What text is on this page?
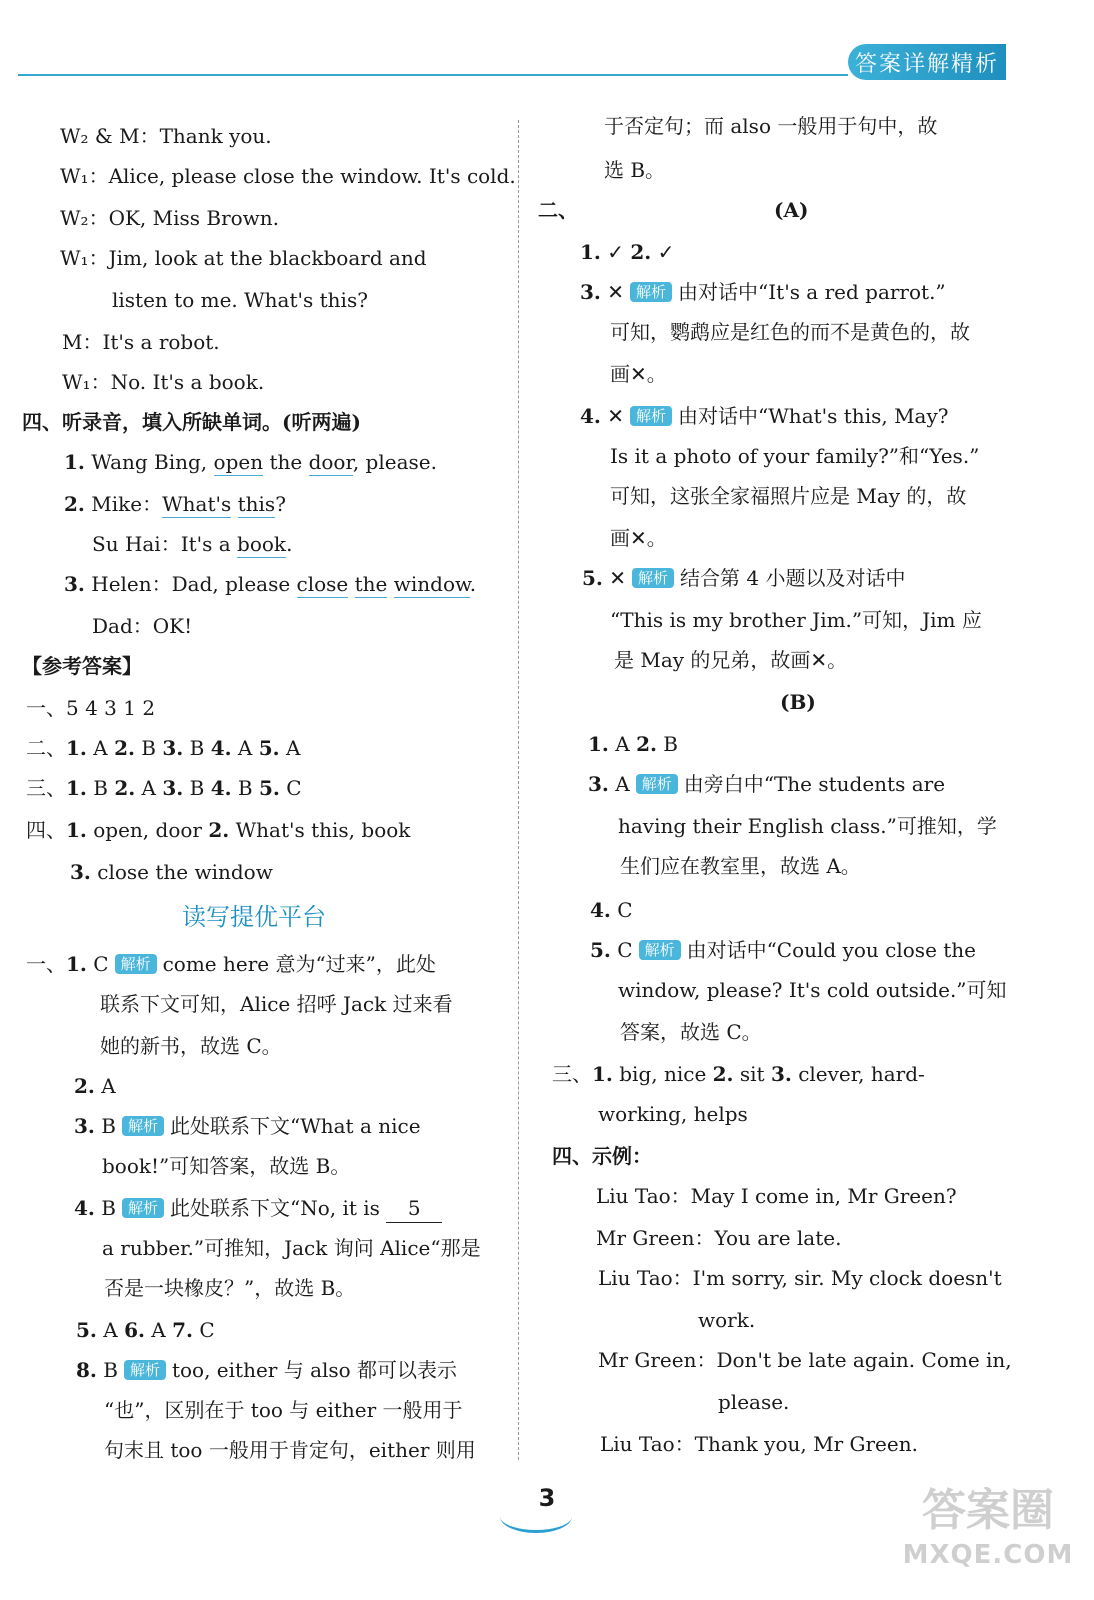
答案详解精析
W₂ & M：Thank you.
W₁：Alice, please close the window. It's cold.
W₂：OK, Miss Brown.
W₁：Jim, look at the blackboard and
listen to me. What's this?
M：It's a robot.
W₁：No. It's a book.
四、听录音，填入所缺单词。(听两遍)
1. Wang Bing, open the door, please.
2. Mike：What's this?
Su Hai：It's a book.
3. Helen：Dad, please close the window.
Dad：OK!
【参考答案】
一、5 4 3 1 2
二、1. A 2. B 3. B 4. A 5. A
三、1. B 2. A 3. B 4. B 5. C
四、1. open, door 2. What's this, book
3. close the window
读写提优平台
一、1. C 解析 come here 意为“过来”，此处
联系下文可知，Alice 招呼 Jack 过来看
她的新书，故选 C。
2. A
3. B 解析 此处联系下文“What a nice
book!”可知答案，故选 B。
4. B 解析 此处联系下文“No, it is 5
a rubber.”可推知，Jack 询问 Alice“那是
否是一块橡皮？”，故选 B。
5. A 6. A 7. C
8. B 解析 too, either 与 also 都可以表示
“也”，区别在于 too 与 either 一般用于
句末且 too 一般用于肯定句，either 则用
于否定句；而 also 一般用于句中，故
选 B。
二、	(A)
1. ✓ 2. ✓
3. ✕ 解析 由对话中“It's a red parrot.”
可知，鹦鹉应是红色的而不是黄色的，故
画✕。
4. ✕ 解析 由对话中“What's this, May?
Is it a photo of your family?”和“Yes.”
可知，这张全家福照片应是 May 的，故
画✕。
5. ✕ 解析 结合第 4 小题以及对话中
“This is my brother Jim.”可知，Jim 应
是 May 的兄弟，故画✕。
(B)
1. A 2. B
3. A 解析 由旁白中“The students are
having their English class.”可推知，学
生们应在教室里，故选 A。
4. C
5. C 解析 由对话中“Could you close the
window, please? It's cold outside.”可知
答案，故选 C。
三、1. big, nice 2. sit 3. clever, hard-
working, helps
四、示例：
Liu Tao：May I come in, Mr Green?
Mr Green：You are late.
Liu Tao：I'm sorry, sir. My clock doesn't
work.
Mr Green：Don't be late again. Come in,
please.
Liu Tao：Thank you, Mr Green.
3	答案圈
MXQE.COM
